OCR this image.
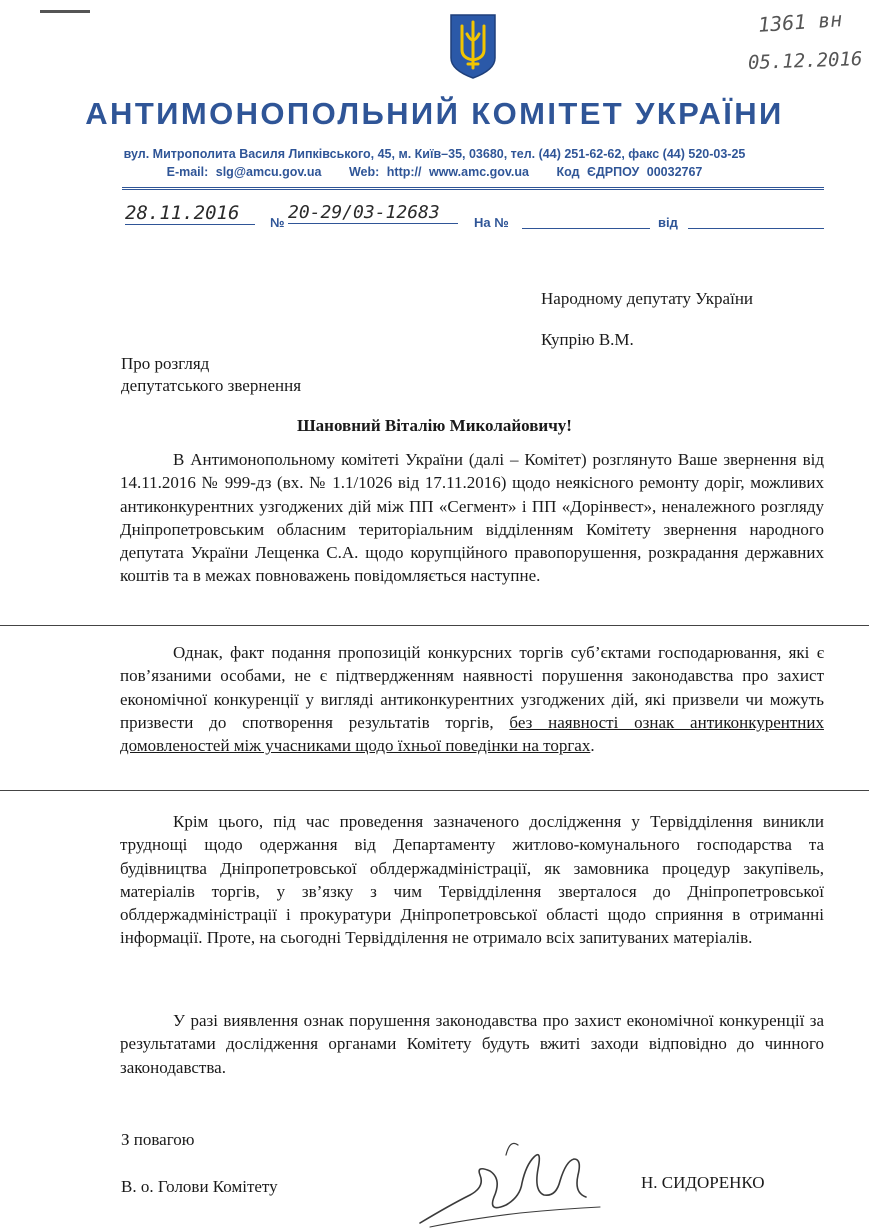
1361 вн
05.12.2016
АНТИМОНОПОЛЬНИЙ КОМІТЕТ УКРАЇНИ
вул. Митрополита Василя Липківського, 45, м. Київ–35, 03680, тел. (44) 251-62-62, факс (44) 520-03-25
E-mail: slg@amcu.gov.ua Web: http:// www.amc.gov.ua Код ЄДРПОУ 00032767
28.11.2016	№ 20-29/03-12683	На №	від
Народному депутату України
Купрію В.М.
Про розгляд
депутатського звернення
Шановний Віталію Миколайовичу!

В Антимонопольному комітеті України (далі – Комітет) розглянуто Ваше звернення від 14.11.2016 № 999-дз (вх. № 1.1/1026 від 17.11.2016) щодо неякісного ремонту доріг, можливих антиконкурентних узгоджених дій між ПП «Сегмент» і ПП «Дорінвест», неналежного розгляду Дніпропетровським обласним територіальним відділенням Комітету звернення народного депутата України Лещенка С.А. щодо корупційного правопорушення, розкрадання державних коштів та в межах повноважень повідомляється наступне.

Однак, факт подання пропозицій конкурсних торгів суб’єктами господарювання, які є пов’язаними особами, не є підтвердженням наявності порушення законодавства про захист економічної конкуренції у вигляді антиконкурентних узгоджених дій, які призвели чи можуть призвести до спотворення результатів торгів, без наявності ознак антиконкурентних домовленостей між учасниками щодо їхньої поведінки на торгах.

Крім цього, під час проведення зазначеного дослідження у Тервідділення виникли труднощі щодо одержання від Департаменту житлово-комунального господарства та будівництва Дніпропетровської облдержадміністрації, як замовника процедур закупівель, матеріалів торгів, у зв’язку з чим Тервідділення зверталося до Дніпропетровської облдержадміністрації і прокуратури Дніпропетровської області щодо сприяння в отриманні інформації. Проте, на сьогодні Тервідділення не отримало всіх запитуваних матеріалів.

У разі виявлення ознак порушення законодавства про захист економічної конкуренції за результатами дослідження органами Комітету будуть вжиті заходи відповідно до чинного законодавства.

З повагою
В. о. Голови Комітету	Н. СИДОРЕНКО
